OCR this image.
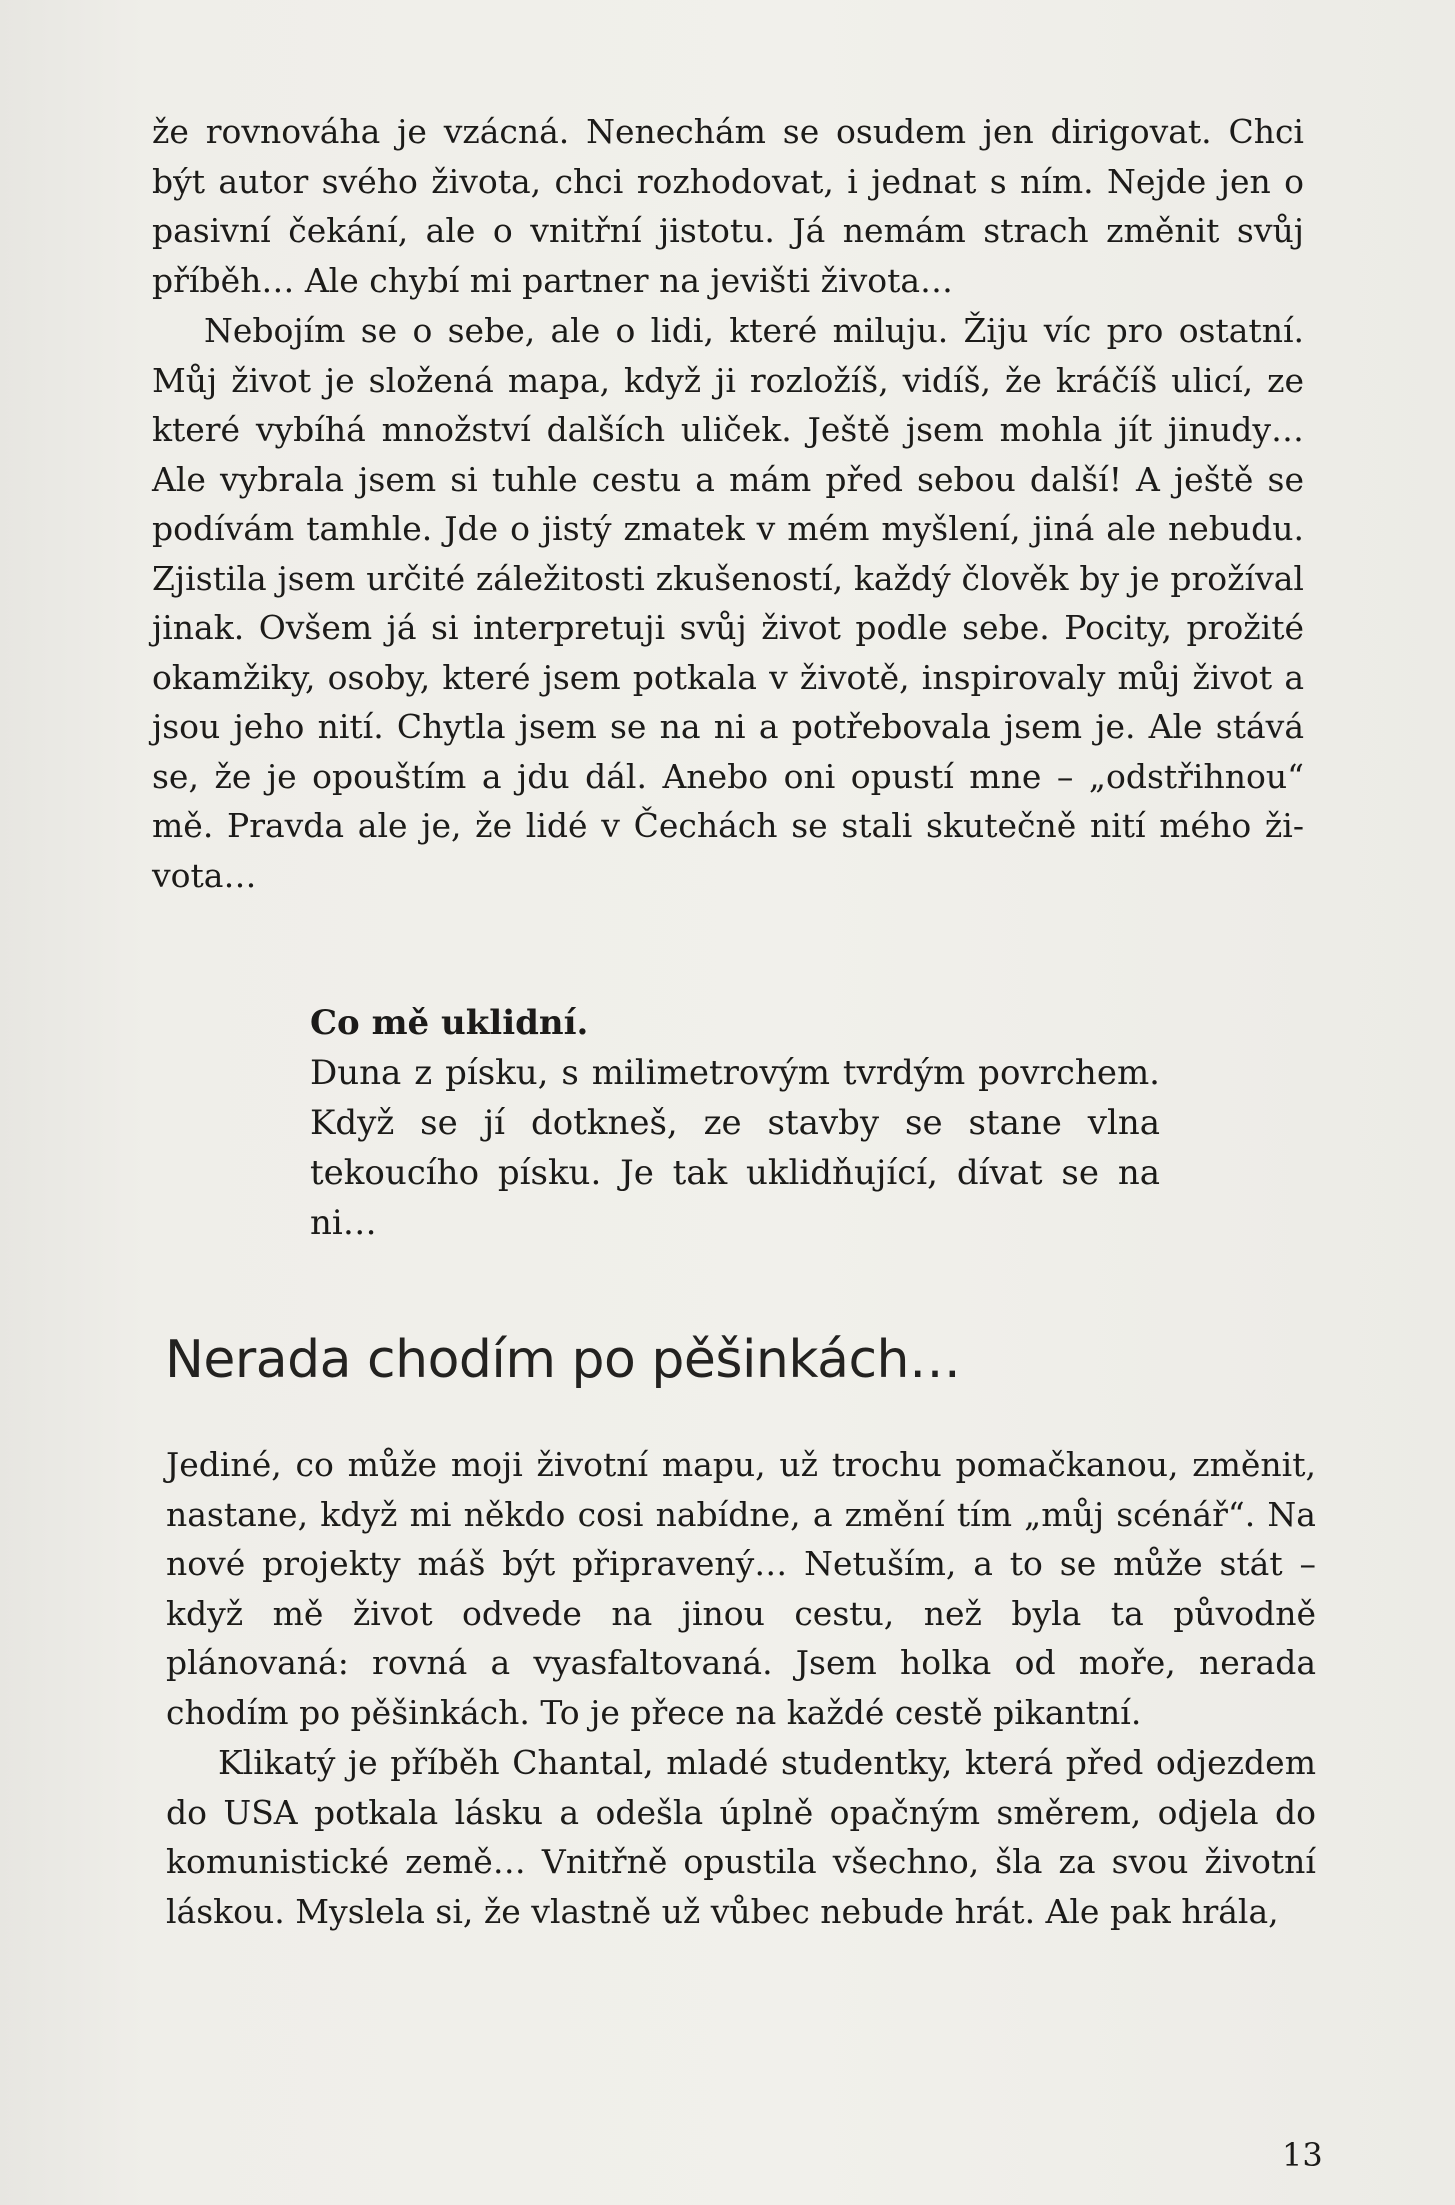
že rovnováha je vzácná. Nenechám se osudem jen dirigovat. Chci být autor svého života, chci rozhodovat, i jednat s ním. Nejde jen o pasivní čekání, ale o vnitřní jistotu. Já nemám strach změnit svůj příběh… Ale chybí mi partner na jevišti života…

Nebojím se o sebe, ale o lidi, které miluju. Žiju víc pro ostatní. Můj život je složená mapa, když ji rozložíš, vidíš, že kráčíš ulicí, ze které vybíhá množství dalších uliček. Ještě jsem mohla jít jinudy… Ale vybrala jsem si tuhle cestu a mám před sebou další! A ještě se podívám tamhle. Jde o jistý zmatek v mém myšlení, jiná ale nebudu. Zjistila jsem určité záležitosti zkušeností, každý člověk by je prožíval jinak. Ovšem já si interpretuji svůj život podle sebe. Pocity, prožité okamžiky, osoby, které jsem potkala v životě, inspirovaly můj život a jsou jeho nití. Chytla jsem se na ni a potřebovala jsem je. Ale stává se, že je opouštím a jdu dál. Anebo oni opustí mne – „odstřihnou“ mě. Pravda ale je, že lidé v Čechách se stali skutečně nití mého života…

Co mě uklidní.

Duna z písku, s milimetrovým tvrdým povrchem. Když se jí dotkneš, ze stavby se stane vlna tekoucího písku. Je tak uklidňující, dívat se na ni…

Nerada chodím po pěšinkách…

Jediné, co může moji životní mapu, už trochu pomačkanou, změnit, nastane, když mi někdo cosi nabídne, a změní tím „můj scénář“. Na nové projekty máš být připravený… Netuším, a to se může stát – když mě život odvede na jinou cestu, než byla ta původně plánovaná: rovná a vyasfaltovaná. Jsem holka od moře, nerada chodím po pěšinkách. To je přece na každé cestě pikantní.

Klikatý je příběh Chantal, mladé studentky, která před odjezdem do USA potkala lásku a odešla úplně opačným směrem, odjela do komunistické země… Vnitřně opustila všechno, šla za svou životní láskou. Myslela si, že vlastně už vůbec nebude hrát. Ale pak hrála,

13
